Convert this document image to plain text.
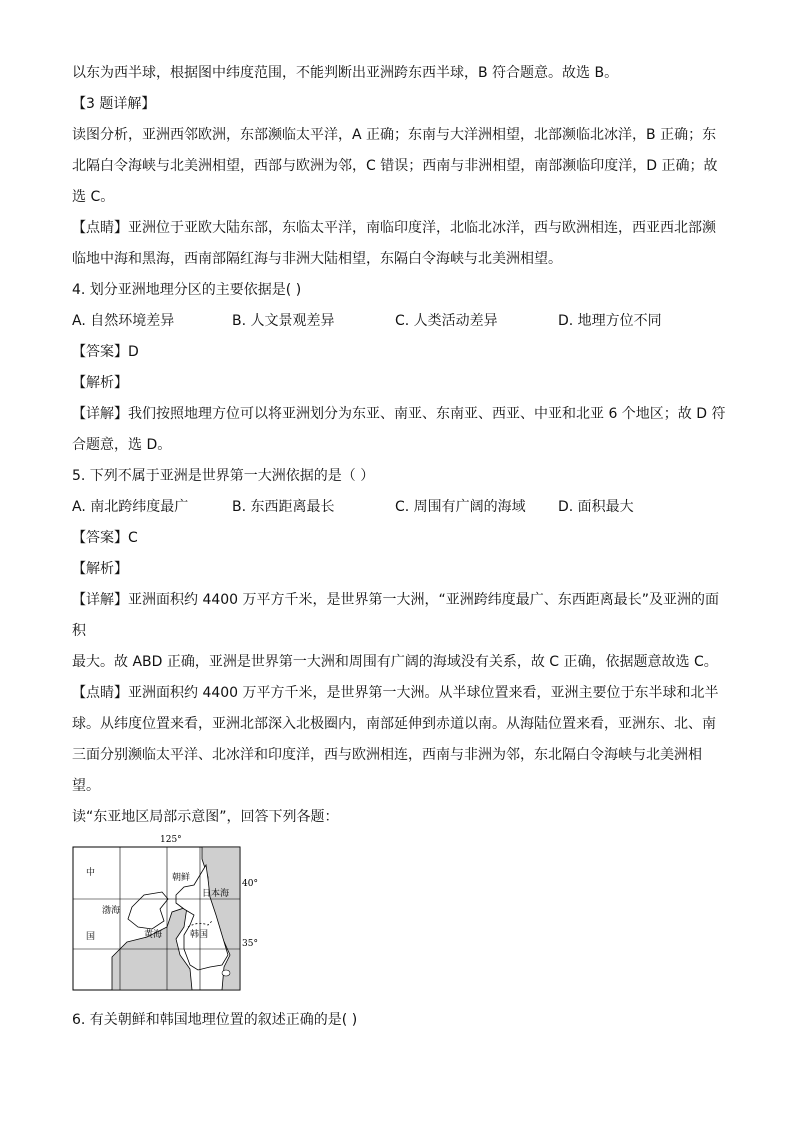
以东为西半球，根据图中纬度范围，不能判断出亚洲跨东西半球，B 符合题意。故选 B。

【3 题详解】

读图分析，亚洲西邻欧洲，东部濒临太平洋，A 正确；东南与大洋洲相望，北部濒临北冰洋，B 正确；东

北隔白令海峡与北美洲相望，西部与欧洲为邻，C 错误；西南与非洲相望，南部濒临印度洋，D 正确；故

选 C。

【点睛】亚洲位于亚欧大陆东部，东临太平洋，南临印度洋，北临北冰洋，西与欧洲相连，西亚西北部濒

临地中海和黑海，西南部隔红海与非洲大陆相望，东隔白令海峡与北美洲相望。

4. 划分亚洲地理分区的主要依据是( )

A. 自然环境差异	B. 人文景观差异	C. 人类活动差异	D. 地理方位不同

【答案】D

【解析】

【详解】我们按照地理方位可以将亚洲划分为东亚、南亚、东南亚、西亚、中亚和北亚 6 个地区；故 D 符

合题意，选 D。

5. 下列不属于亚洲是世界第一大洲依据的是（ ）

A. 南北跨纬度最广	B. 东西距离最长	C. 周围有广阔的海域	D. 面积最大

【答案】C

【解析】

【详解】亚洲面积约 4400 万平方千米，是世界第一大洲，“亚洲跨纬度最广、东西距离最长”及亚洲的面积

最大。故 ABD 正确，亚洲是世界第一大洲和周围有广阔的海域没有关系，故 C 正确，依据题意故选 C。

【点睛】亚洲面积约 4400 万平方千米，是世界第一大洲。从半球位置来看，亚洲主要位于东半球和北半

球。从纬度位置来看，亚洲北部深入北极圈内，南部延伸到赤道以南。从海陆位置来看，亚洲东、北、南

三面分别濒临太平洋、北冰洋和印度洋，西与欧洲相连，西南与非洲为邻，东北隔白令海峡与北美洲相

望。

读“东亚地区局部示意图”，回答下列各题：

125°
40°
35°
中
国
渤海
朝鲜
日本海
黄海	韩国

6. 有关朝鲜和韩国地理位置的叙述正确的是( )
